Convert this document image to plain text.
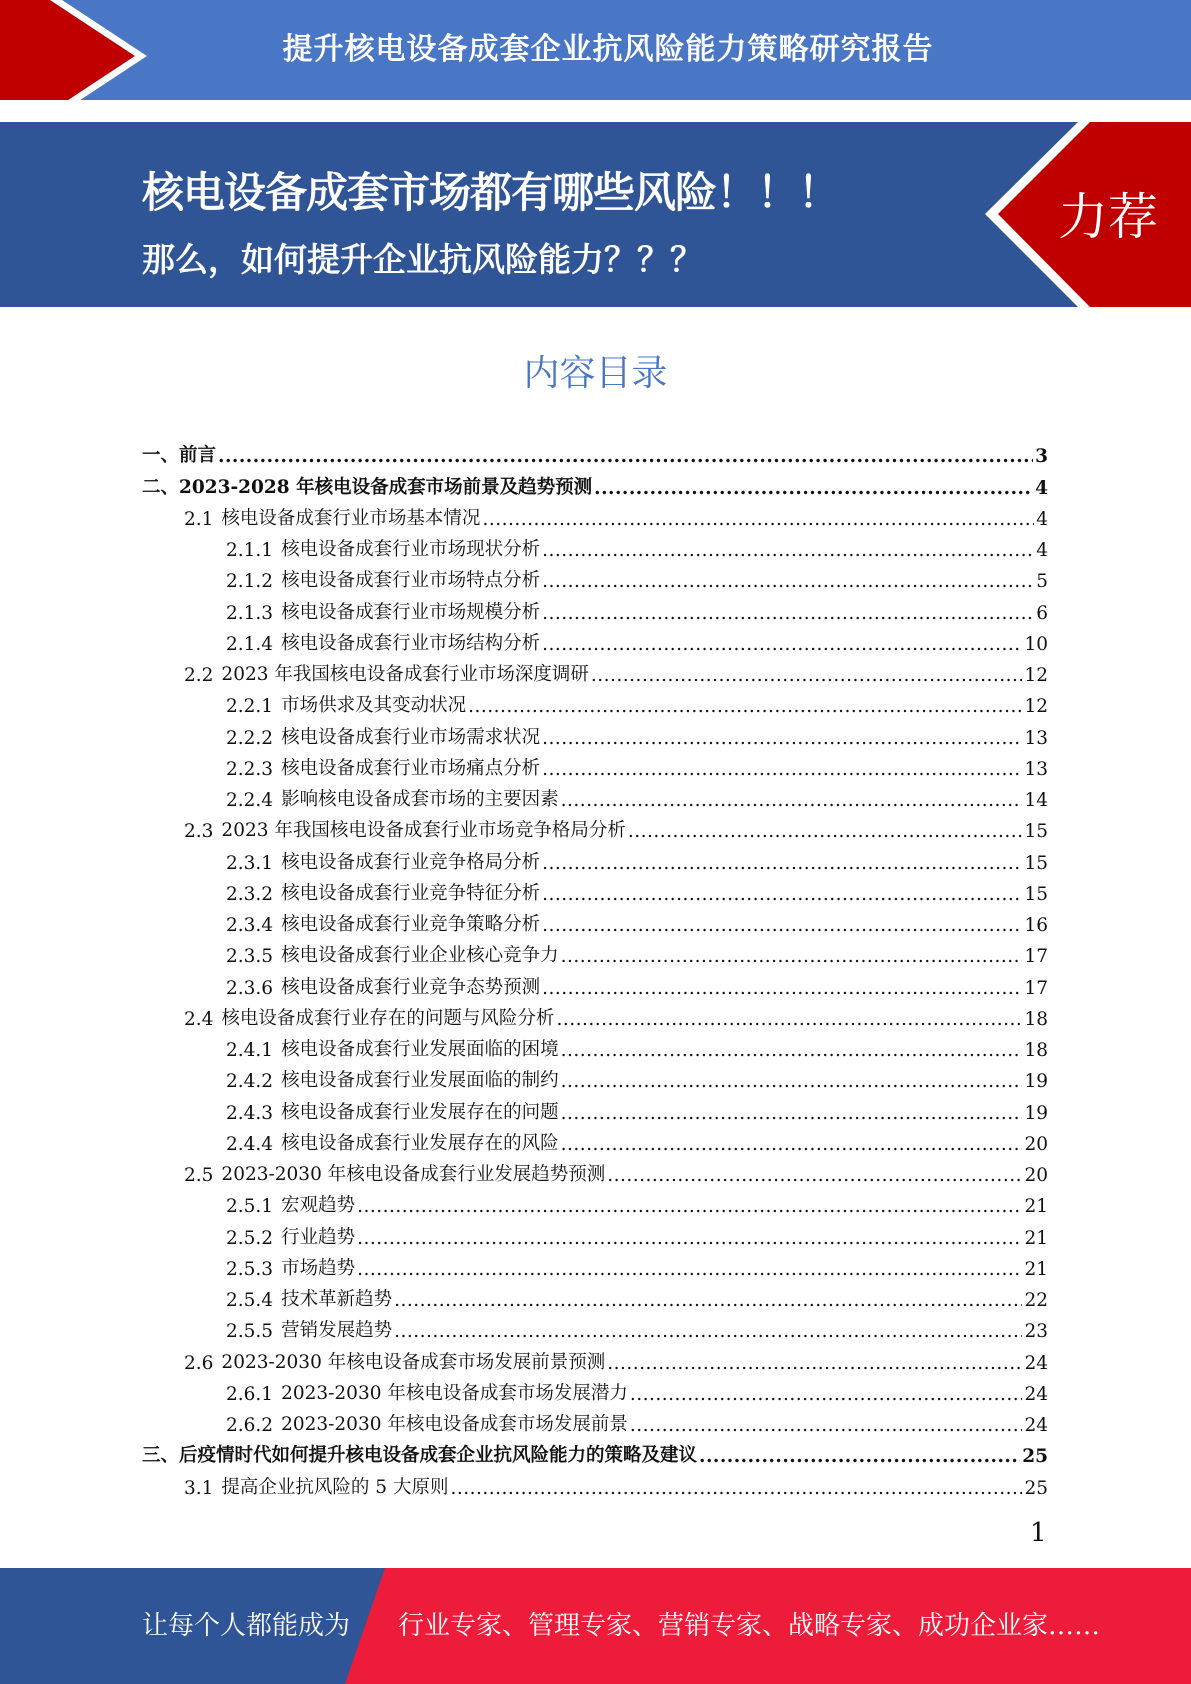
提升核电设备成套企业抗风险能力策略研究报告
核电设备成套市场都有哪些风险！！！
那么，如何提升企业抗风险能力？？？
力荐
内容目录
一、 前言 .....	3
二、 2023-2028 年核电设备成套市场前景及趋势预测 .....	4
2.1 核电设备成套行业市场基本情况 .....	4
2.1.1 核电设备成套行业市场现状分析 .....	4
2.1.2 核电设备成套行业市场特点分析 .....	5
2.1.3 核电设备成套行业市场规模分析 .....	6
2.1.4 核电设备成套行业市场结构分析 .....	10
2.2 2023 年我国核电设备成套行业市场深度调研 .....	12
2.2.1 市场供求及其变动状况 .....	12
2.2.2 核电设备成套行业市场需求状况 .....	13
2.2.3 核电设备成套行业市场痛点分析 .....	13
2.2.4 影响核电设备成套市场的主要因素 .....	14
2.3 2023 年我国核电设备成套行业市场竞争格局分析 .....	15
2.3.1 核电设备成套行业竞争格局分析 .....	15
2.3.2 核电设备成套行业竞争特征分析 .....	15
2.3.4 核电设备成套行业竞争策略分析 .....	16
2.3.5 核电设备成套行业企业核心竞争力 .....	17
2.3.6 核电设备成套行业竞争态势预测 .....	17
2.4 核电设备成套行业存在的问题与风险分析 .....	18
2.4.1 核电设备成套行业发展面临的困境 .....	18
2.4.2 核电设备成套行业发展面临的制约 .....	19
2.4.3 核电设备成套行业发展存在的问题 .....	19
2.4.4 核电设备成套行业发展存在的风险 .....	20
2.5 2023-2030 年核电设备成套行业发展趋势预测 .....	20
2.5.1 宏观趋势 .....	21
2.5.2 行业趋势 .....	21
2.5.3 市场趋势 .....	21
2.5.4 技术革新趋势 .....	22
2.5.5 营销发展趋势 .....	23
2.6 2023-2030 年核电设备成套市场发展前景预测 .....	24
2.6.1 2023-2030 年核电设备成套市场发展潜力 .....	24
2.6.2 2023-2030 年核电设备成套市场发展前景 .....	24
三、 后疫情时代如何提升核电设备成套企业抗风险能力的策略及建议 .....	25
3.1 提高企业抗风险的 5 大原则 .....	25
1
让每个人都能成为 行业专家、管理专家、营销专家、战略专家、成功企业家……
